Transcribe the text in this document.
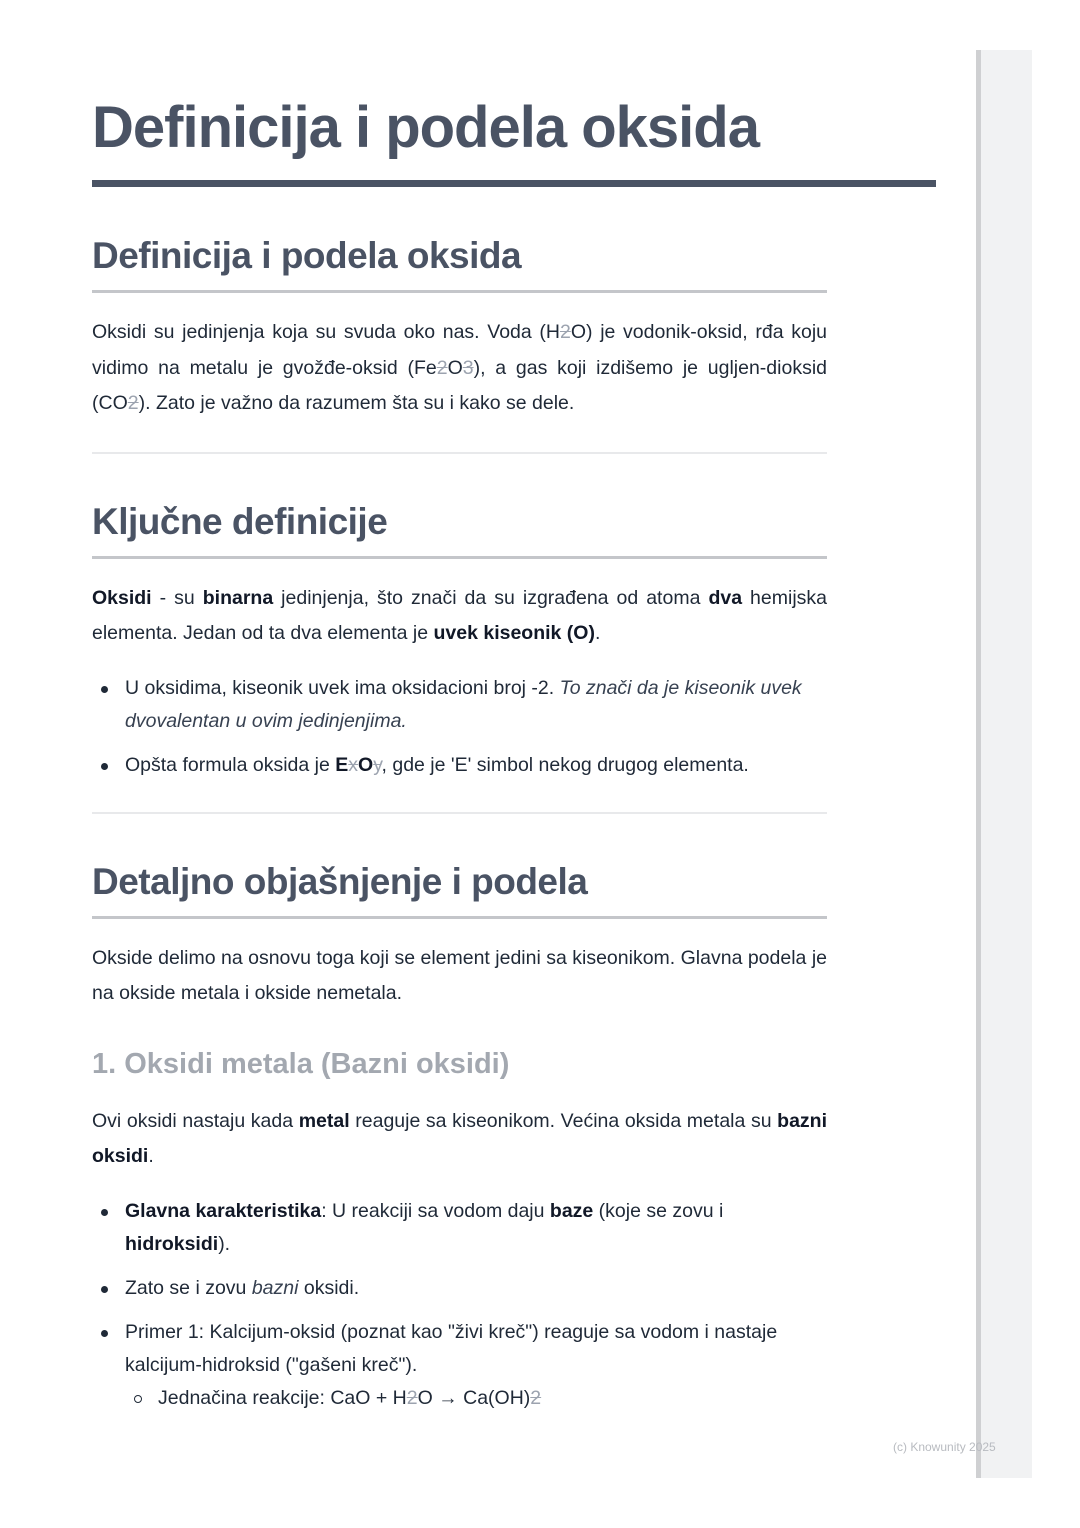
Definicija i podela oksida
Definicija i podela oksida

Oksidi su jedinjenja koja su svuda oko nas. Voda (H2O) je vodonik-oksid, rđa koju vidimo na metalu je gvožđe-oksid (Fe2O3), a gas koji izdišemo je ugljen-dioksid (CO2). Zato je važno da razumem šta su i kako se dele.

Ključne definicije

Oksidi - su binarna jedinjenja, što znači da su izgrađena od atoma dva hemijska elementa. Jedan od ta dva elementa je uvek kiseonik (O).

U oksidima, kiseonik uvek ima oksidacioni broj -2. To znači da je kiseonik uvek dvovalentan u ovim jedinjenjima.
Opšta formula oksida je ExOy, gde je 'E' simbol nekog drugog elementa.
Detaljno objašnjenje i podela

Okside delimo na osnovu toga koji se element jedini sa kiseonikom. Glavna podela je na okside metala i okside nemetala.

1. Oksidi metala (Bazni oksidi)

Ovi oksidi nastaju kada metal reaguje sa kiseonikom. Većina oksida metala su bazni oksidi.

Glavna karakteristika: U reakciji sa vodom daju baze (koje se zovu i hidroksidi).
Zato se i zovu bazni oksidi.
Primer 1: Kalcijum-oksid (poznat kao "živi kreč") reaguje sa vodom i nastaje kalcijum-hidroksid ("gašeni kreč").
Jednačina reakcije: CaO + H2O → Ca(OH)2
(c) Knowunity 2025
